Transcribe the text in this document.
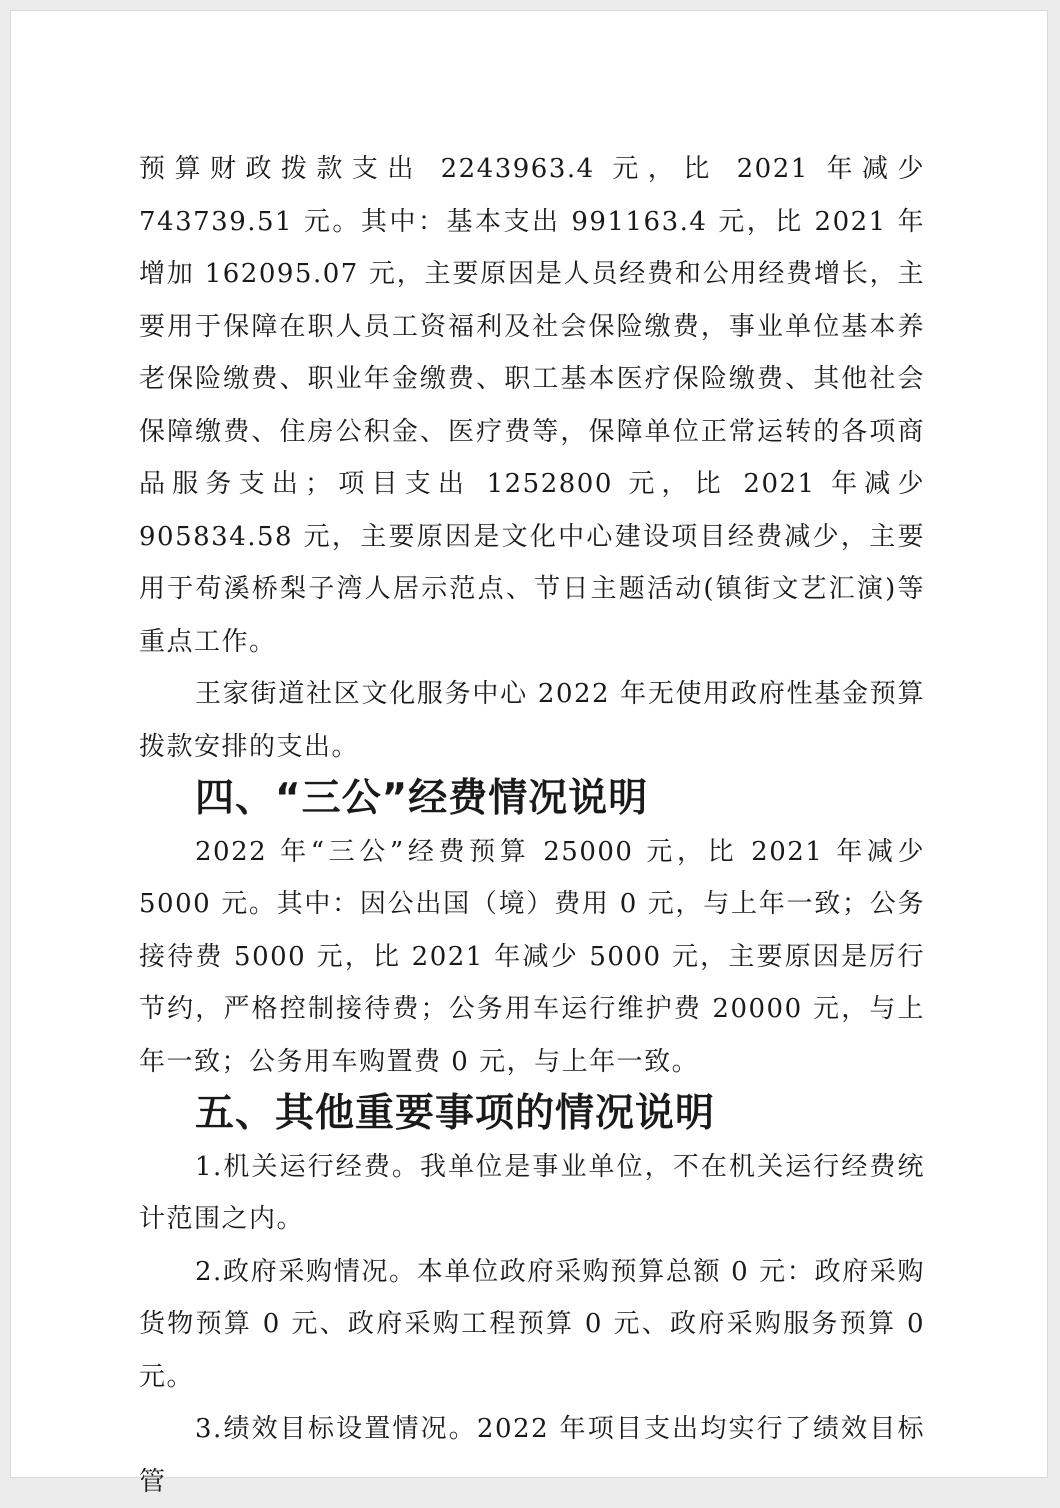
预算财政拨款支出 2243963.4 元，比 2021 年减少 743739.51 元。其中：基本支出 991163.4 元，比 2021 年增加 162095.07 元，主要原因是人员经费和公用经费增长，主要用于保障在职人员工资福利及社会保险缴费，事业单位基本养老保险缴费、职业年金缴费、职工基本医疗保险缴费、其他社会保障缴费、住房公积金、医疗费等，保障单位正常运转的各项商品服务支出；项目支出 1252800 元，比 2021 年减少 905834.58 元，主要原因是文化中心建设项目经费减少，主要用于苟溪桥梨子湾人居示范点、节日主题活动(镇街文艺汇演)等重点工作。

王家街道社区文化服务中心 2022 年无使用政府性基金预算拨款安排的支出。

四、“三公”经费情况说明

2022 年“三公”经费预算 25000 元，比 2021 年减少 5000 元。其中：因公出国（境）费用 0 元，与上年一致；公务接待费 5000 元，比 2021 年减少 5000 元，主要原因是厉行节约，严格控制接待费；公务用车运行维护费 20000 元，与上年一致；公务用车购置费 0 元，与上年一致。

五、其他重要事项的情况说明

1.机关运行经费。我单位是事业单位，不在机关运行经费统计范围之内。

2.政府采购情况。本单位政府采购预算总额 0 元：政府采购货物预算 0 元、政府采购工程预算 0 元、政府采购服务预算 0 元。

3.绩效目标设置情况。2022 年项目支出均实行了绩效目标管
